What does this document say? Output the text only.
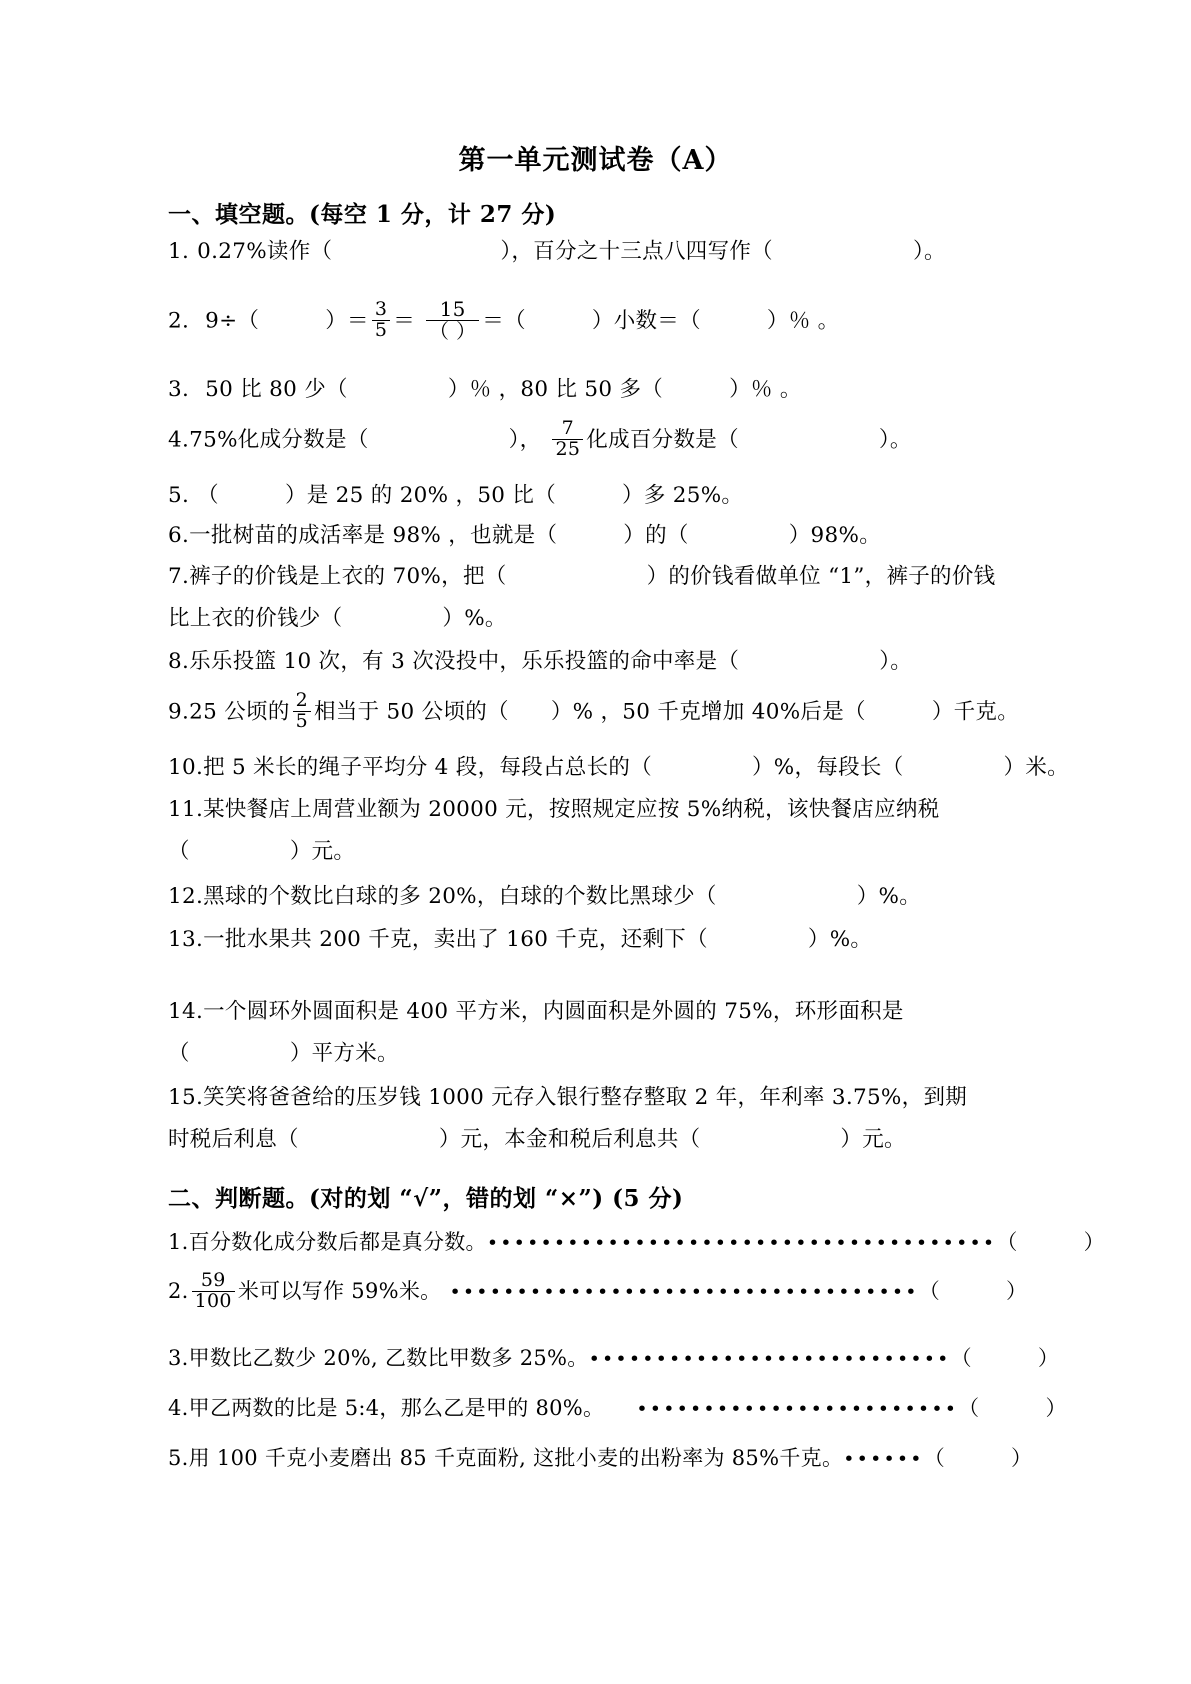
第一单元测试卷（A）
一、填空题。(每空 1 分，计 27 分)
1. 0.27%读作（	），百分之十三点八四写作（	）。
2. 9÷（	）＝ $\frac{3}{5} = \frac{15}{( )}$ ＝（	）小数＝（	）％ 。
3. 50 比 80 少（	）％ ，80 比 50 多（	）％ 。
4.75%化成分数是（	）， $\frac{7}{25}$ 化成百分数是（	）。
5. （	）是 25 的 20% ，50 比（	）多 25%。
6.一批树苗的成活率是 98% ，也就是（	）的（	）98%。
7.裤子的价钱是上衣的 70%，把（	）的价钱看做单位 “1”，裤子的价钱
比上衣的价钱少（	）%。
8.乐乐投篮 10 次，有 3 次没投中，乐乐投篮的命中率是（	）。
9.25 公顷的 $\frac{2}{5}$ 相当于 50 公顷的（ ）% ，50 千克增加 40%后是（	）千克。
10.把 5 米长的绳子平均分 4 段，每段占总长的（	）%，每段长（	）米。
11.某快餐店上周营业额为 20000 元，按照规定应按 5%纳税，该快餐店应纳税
（	）元。
12.黑球的个数比白球的多 20%，白球的个数比黑球少（	）%。
13.一批水果共 200 千克，卖出了 160 千克，还剩下（	）%。
14.一个圆环外圆面积是 400 平方米，内圆面积是外圆的 75%，环形面积是
（	）平方米。
15.笑笑将爸爸给的压岁钱 1000 元存入银行整存整取 2 年，年利率 3.75%，到期
时税后利息（	）元，本金和税后利息共（	）元。
二、判断题。(对的划 “√”，错的划 “×”) (5 分)
1.百分数化成分数后都是真分数。••••••••••••••••••••••••••••••••••••••（	）
2. $\frac{59}{100}$ 米可以写作 59%米。 •••••••••••••••••••••••••••••••••••（	）
3.甲数比乙数少 20%, 乙数比甲数多 25%。•••••••••••••••••••••••••••（	）
4.甲乙两数的比是 5:4，那么乙是甲的 80%。 ••••••••••••••••••••••••（	）
5.用 100 千克小麦磨出 85 千克面粉, 这批小麦的出粉率为 85%千克。••••••（	）
